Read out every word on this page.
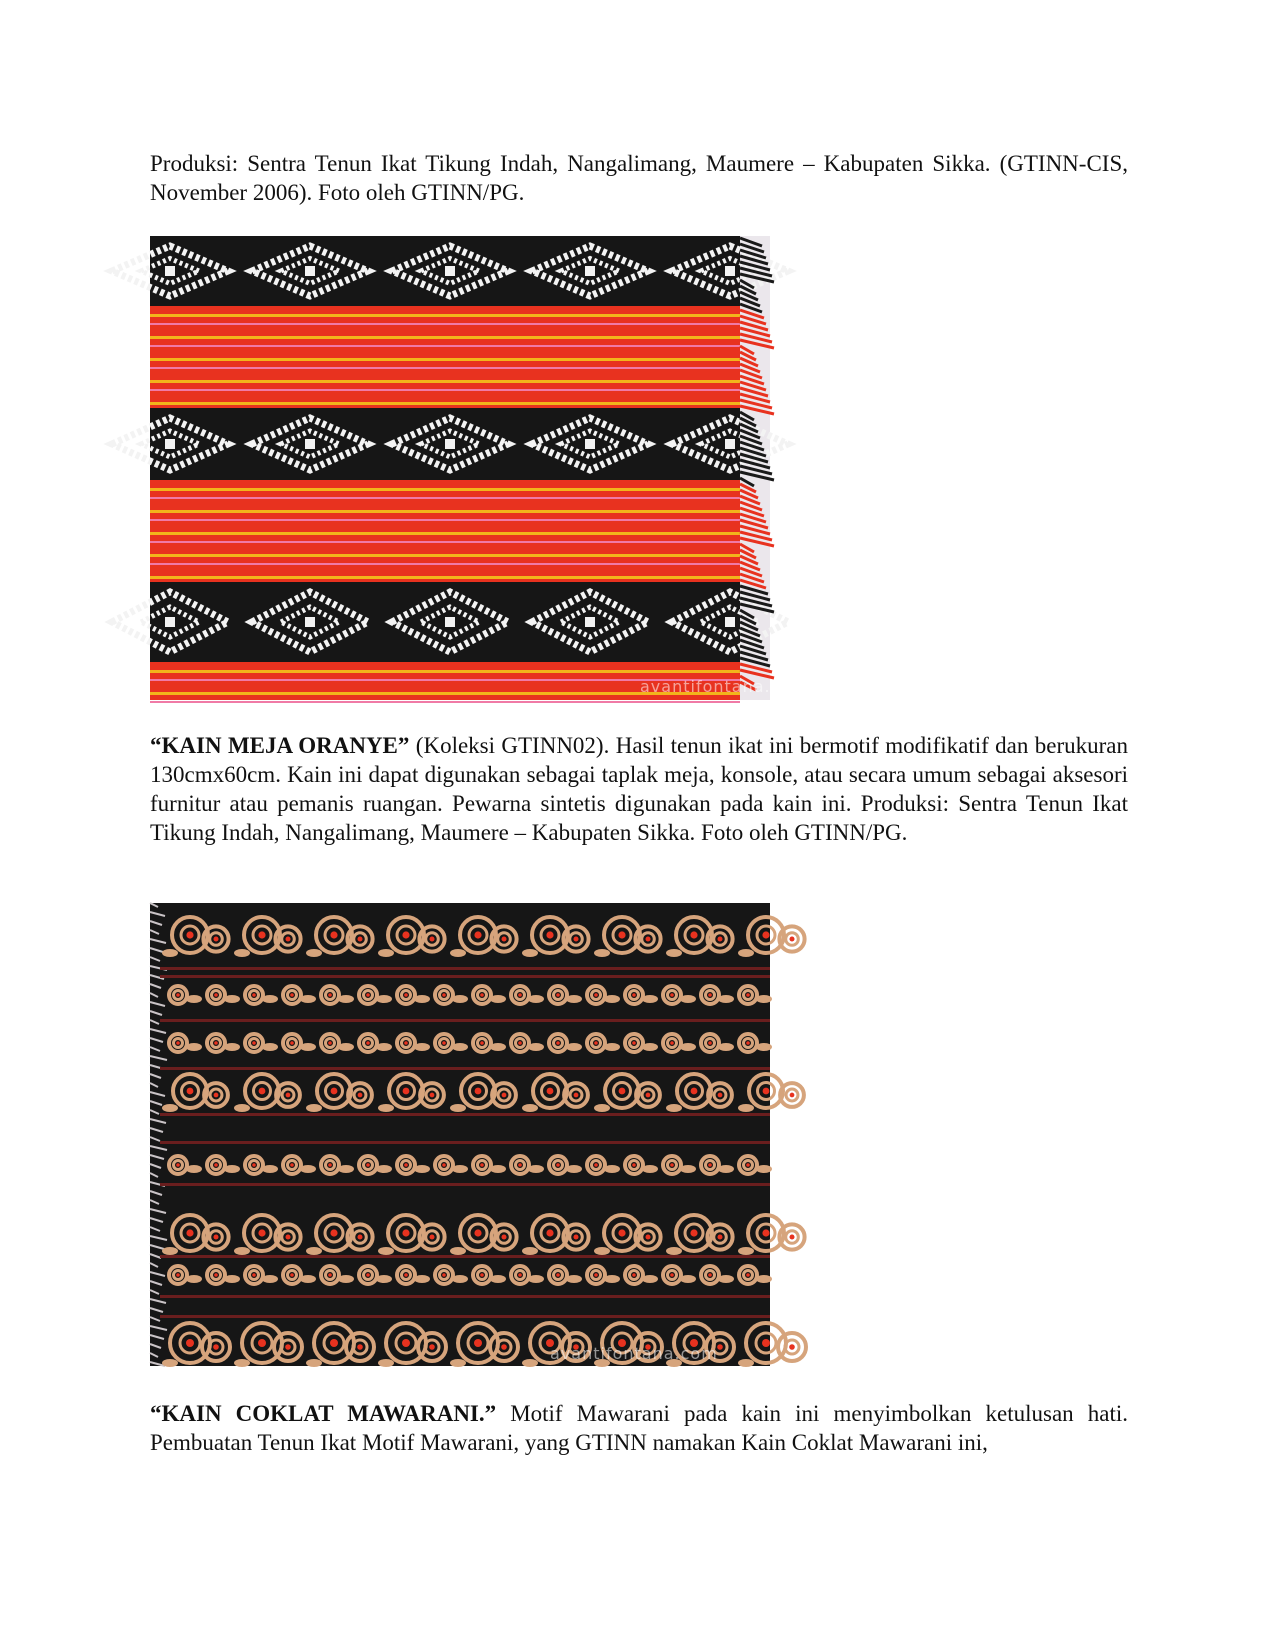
Produksi: Sentra Tenun Ikat Tikung Indah, Nangalimang, Maumere – Kabupaten Sikka. (GTINN-CIS, November 2006). Foto oleh GTINN/PG.

avantifontana.com

“KAIN MEJA ORANYE” (Koleksi GTINN02). Hasil tenun ikat ini bermotif modifikatif dan berukuran 130cmx60cm. Kain ini dapat digunakan sebagai taplak meja, konsole, atau secara umum sebagai aksesori furnitur atau pemanis ruangan. Pewarna sintetis digunakan pada kain ini. Produksi: Sentra Tenun Ikat Tikung Indah, Nangalimang, Maumere – Kabupaten Sikka. Foto oleh GTINN/PG.

avantifontana.com

“KAIN COKLAT MAWARANI.” Motif Mawarani pada kain ini menyimbolkan ketulusan hati. Pembuatan Tenun Ikat Motif Mawarani, yang GTINN namakan Kain Coklat Mawarani ini,
